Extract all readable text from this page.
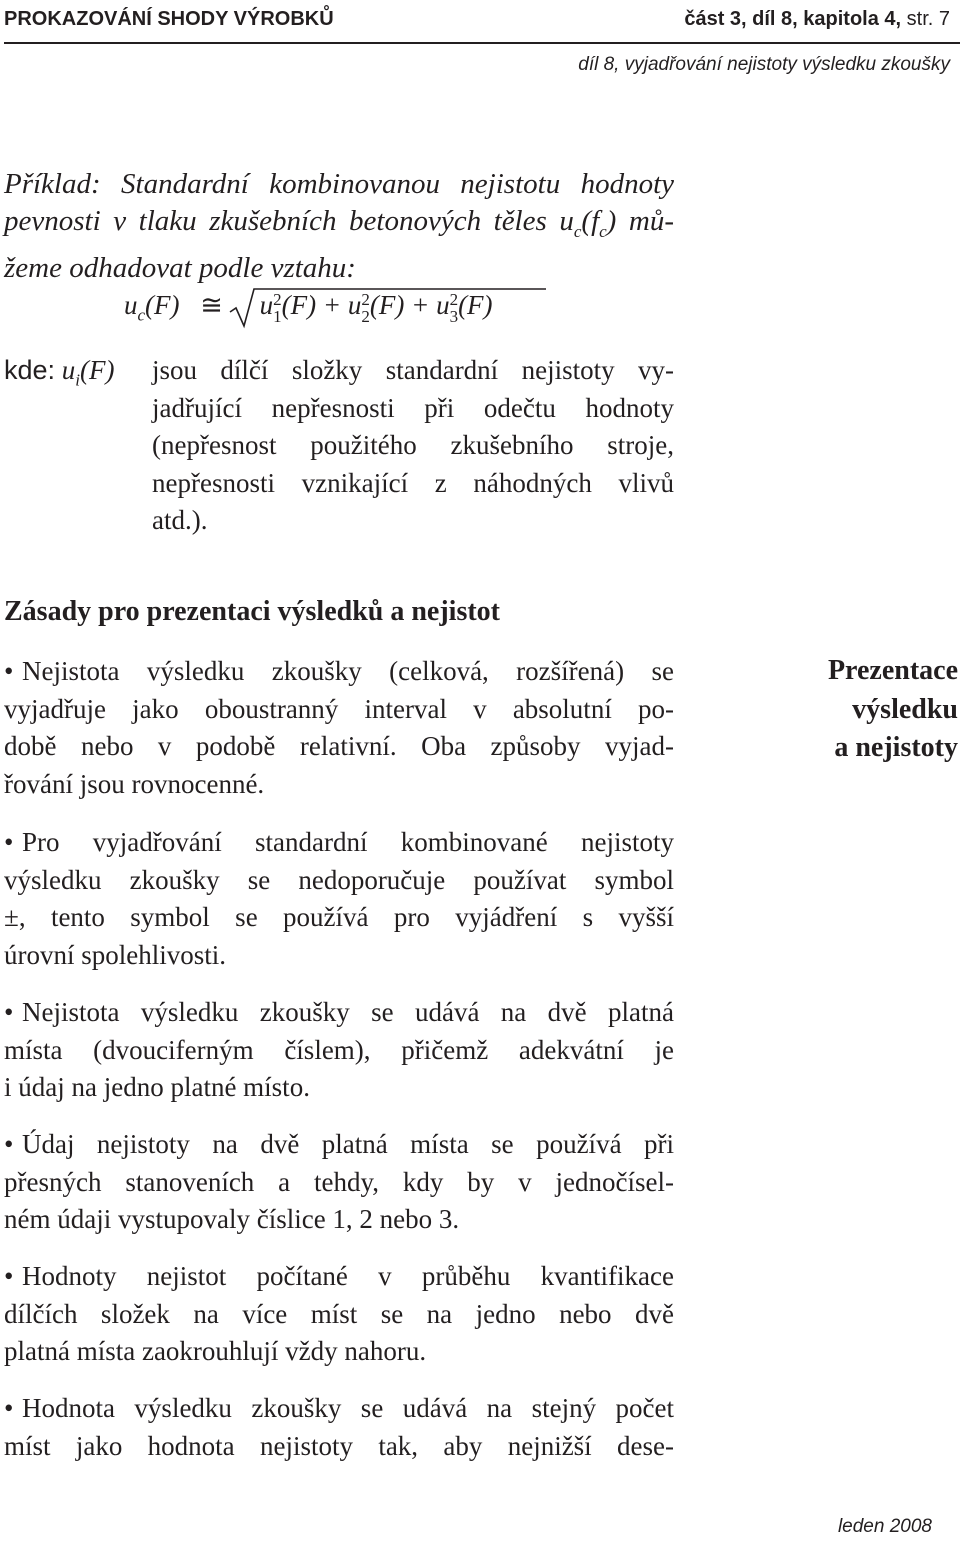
PROKAZOVÁNÍ SHODY VÝROBKŮ	část 3, díl 8, kapitola 4, str. 7
díl 8, vyjadřování nejistoty výsledku zkoušky
Příklad: Standardní kombinovanou nejistotu hodnoty
pevnosti v tlaku zkušebních betonových těles $u_c(f_c)$ mů-
žeme odhadovat podle vztahu:
$u_c(F)$ ≅ u 2
1 (F) + u 2
2 (F) + u 2
3 (F)
kde: $u_i(F)$ jsou dílčí složky standardní nejistoty vy-
jadřující nepřesnosti při odečtu hodnoty
(nepřesnost použitého zkušebního stroje,
nepřesnosti vznikající z náhodných vlivů
atd.).
Zásady pro prezentaci výsledků a nejistot
Prezentace
výsledku
a nejistoty
• Nejistota výsledku zkoušky (celková, rozšířená) se
vyjadřuje jako oboustranný interval v absolutní po-
době nebo v podobě relativní. Oba způsoby vyjad-
řování jsou rovnocenné.
• Pro vyjadřování standardní kombinované nejistoty
výsledku zkoušky se nedoporučuje používat symbol
±, tento symbol se používá pro vyjádření s vyšší
úrovní spolehlivosti.
• Nejistota výsledku zkoušky se udává na dvě platná
místa (dvouciferným číslem), přičemž adekvátní je
i údaj na jedno platné místo.
• Údaj nejistoty na dvě platná místa se používá při
přesných stanoveních a tehdy, kdy by v jednočísel-
ném údaji vystupovaly číslice 1, 2 nebo 3.
• Hodnoty nejistot počítané v průběhu kvantifikace
dílčích složek na více míst se na jedno nebo dvě
platná místa zaokrouhlují vždy nahoru.
• Hodnota výsledku zkoušky se udává na stejný počet
míst jako hodnota nejistoty tak, aby nejnižší dese-
leden 2008
